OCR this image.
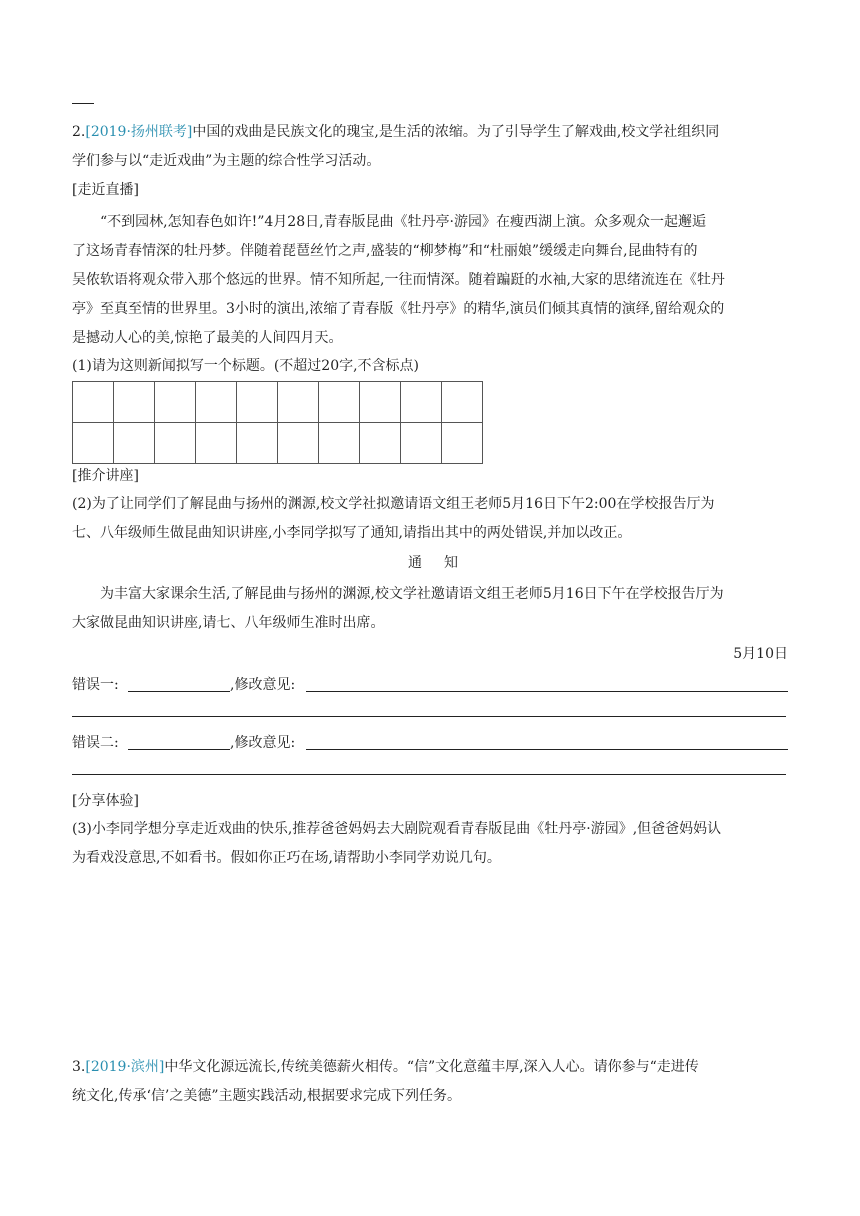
2.[2019·扬州联考]中国的戏曲是民族文化的瑰宝,是生活的浓缩。为了引导学生了解戏曲,校文学社组织同

学们参与以“走近戏曲”为主题的综合性学习活动。

[走近直播]

“不到园林,怎知春色如许!”4月28日,青春版昆曲《牡丹亭·游园》在瘦西湖上演。众多观众一起邂逅

了这场青春情深的牡丹梦。伴随着琵琶丝竹之声,盛装的“柳梦梅”和“杜丽娘”缓缓走向舞台,昆曲特有的

吴侬软语将观众带入那个悠远的世界。情不知所起,一往而情深。随着蹁跹的水袖,大家的思绪流连在《牡丹

亭》至真至情的世界里。3小时的演出,浓缩了青春版《牡丹亭》的精华,演员们倾其真情的演绎,留给观众的

是撼动人心的美,惊艳了最美的人间四月天。

(1)请为这则新闻拟写一个标题。(不超过20字,不含标点)

[推介讲座]

(2)为了让同学们了解昆曲与扬州的渊源,校文学社拟邀请语文组王老师5月16日下午2:00在学校报告厅为

七、八年级师生做昆曲知识讲座,小李同学拟写了通知,请指出其中的两处错误,并加以改正。

通知

为丰富大家课余生活,了解昆曲与扬州的渊源,校文学社邀请语文组王老师5月16日下午在学校报告厅为

大家做昆曲知识讲座,请七、八年级师生准时出席。

5月10日
错误一:	,修改意见:
错误二:	,修改意见:
[分享体验]

(3)小李同学想分享走近戏曲的快乐,推荐爸爸妈妈去大剧院观看青春版昆曲《牡丹亭·游园》,但爸爸妈妈认

为看戏没意思,不如看书。假如你正巧在场,请帮助小李同学劝说几句。

3.[2019·滨州]中华文化源远流长,传统美德薪火相传。“信”文化意蕴丰厚,深入人心。请你参与“走进传

统文化,传承‘信’之美德”主题实践活动,根据要求完成下列任务。
